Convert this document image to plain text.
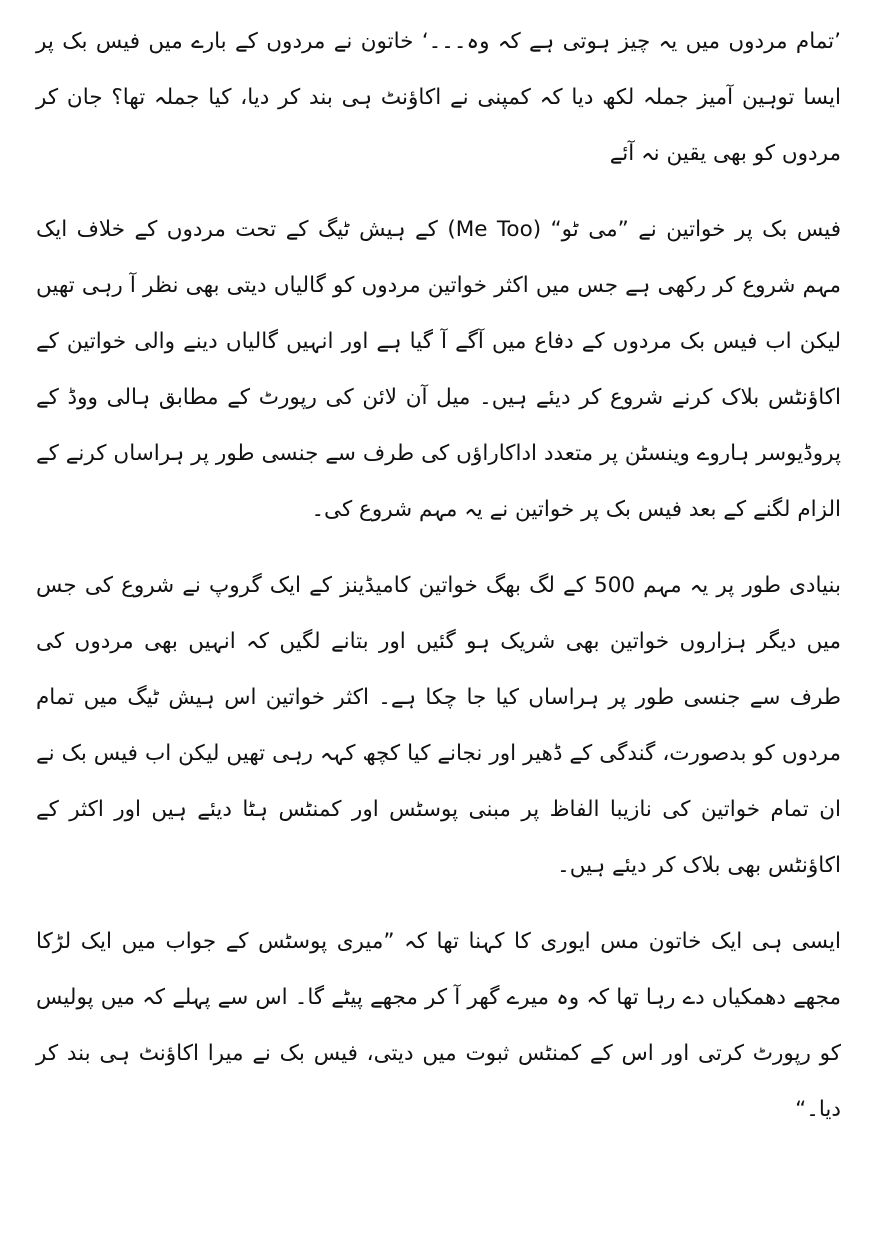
’تمام مردوں میں یہ چیز ہوتی ہے کہ وہ۔۔۔‘ خاتون نے مردوں کے بارے میں فیس بک پر ایسا توہین آمیز جملہ لکھ دیا کہ کمپنی نے اکاؤنٹ ہی بند کر دیا، کیا جملہ تھا؟ جان کر مردوں کو بھی یقین نہ آئے

فیس بک پر خواتین نے ”می ٹو“ (Me Too) کے ہیش ٹیگ کے تحت مردوں کے خلاف ایک مہم شروع کر رکھی ہے جس میں اکثر خواتین مردوں کو گالیاں دیتی بھی نظر آ رہی تھیں لیکن اب فیس بک مردوں کے دفاع میں آگے آ گیا ہے اور انہیں گالیاں دینے والی خواتین کے اکاؤنٹس بلاک کرنے شروع کر دیئے ہیں۔ میل آن لائن کی رپورٹ کے مطابق ہالی ووڈ کے پروڈیوسر ہاروے وینسٹن پر متعدد اداکاراؤں کی طرف سے جنسی طور پر ہراساں کرنے کے الزام لگنے کے بعد فیس بک پر خواتین نے یہ مہم شروع کی۔

بنیادی طور پر یہ مہم 500 کے لگ بھگ خواتین کامیڈینز کے ایک گروپ نے شروع کی جس میں دیگر ہزاروں خواتین بھی شریک ہو گئیں اور بتانے لگیں کہ انہیں بھی مردوں کی طرف سے جنسی طور پر ہراساں کیا جا چکا ہے۔ اکثر خواتین اس ہیش ٹیگ میں تمام مردوں کو بدصورت، گندگی کے ڈھیر اور نجانے کیا کچھ کہہ رہی تھیں لیکن اب فیس بک نے ان تمام خواتین کی نازیبا الفاظ پر مبنی پوسٹس اور کمنٹس ہٹا دیئے ہیں اور اکثر کے اکاؤنٹس بھی بلاک کر دیئے ہیں۔

ایسی ہی ایک خاتون مس ایوری کا کہنا تھا کہ ”میری پوسٹس کے جواب میں ایک لڑکا مجھے دھمکیاں دے رہا تھا کہ وہ میرے گھر آ کر مجھے پیٹے گا۔ اس سے پہلے کہ میں پولیس کو رپورٹ کرتی اور اس کے کمنٹس ثبوت میں دیتی، فیس بک نے میرا اکاؤنٹ ہی بند کر دیا۔“
